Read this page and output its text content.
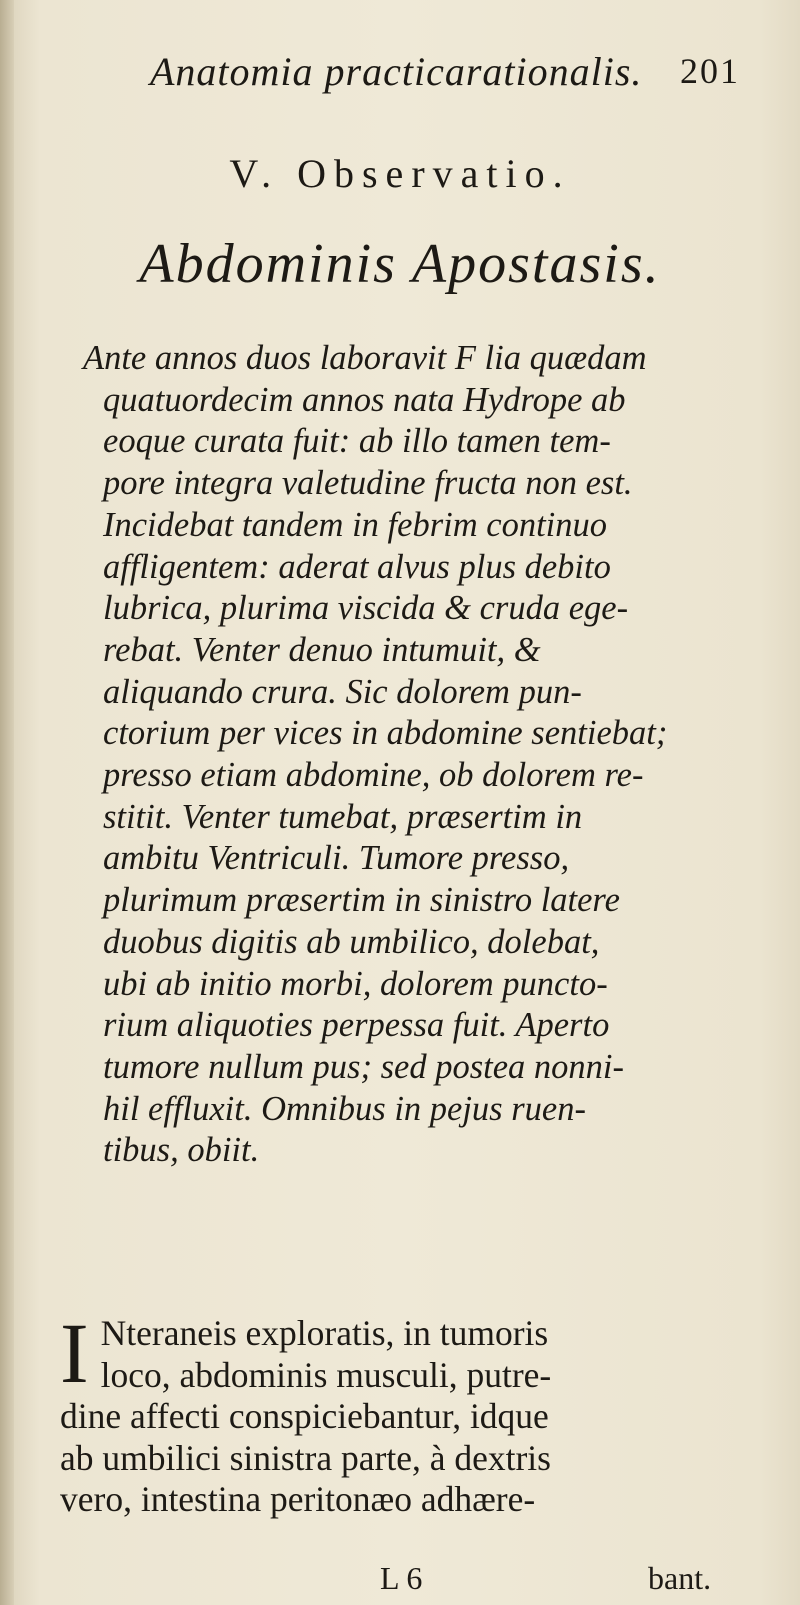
Anatomia practicarationalis. 201
V. Observatio.
Abdominis Apostasis.
Ante annos duos laboravit F lia quædam
quatuordecim annos nata Hydrope ab
eoque curata fuit: ab illo tamen tem-
pore integra valetudine fructa non est.
Incidebat tandem in febrim continuo
affligentem: aderat alvus plus debito
lubrica, plurima viscida & cruda ege-
rebat. Venter denuo intumuit, &
aliquando crura. Sic dolorem pun-
ctorium per vices in abdomine sentiebat;
presso etiam abdomine, ob dolorem re-
stitit. Venter tumebat, præsertim in
ambitu Ventriculi. Tumore presso,
plurimum præsertim in sinistro latere
duobus digitis ab umbilico, dolebat,
ubi ab initio morbi, dolorem puncto-
rium aliquoties perpessa fuit. Aperto
tumore nullum pus; sed postea nonni-
hil effluxit. Omnibus in pejus ruen-
tibus, obiit.
I Nteraneis exploratis, in tumoris
loco, abdominis musculi, putre-
dine affecti conspiciebantur, idque
ab umbilici sinistra parte, à dextris
vero, intestina peritonæo adhære-
L 6	bant.
